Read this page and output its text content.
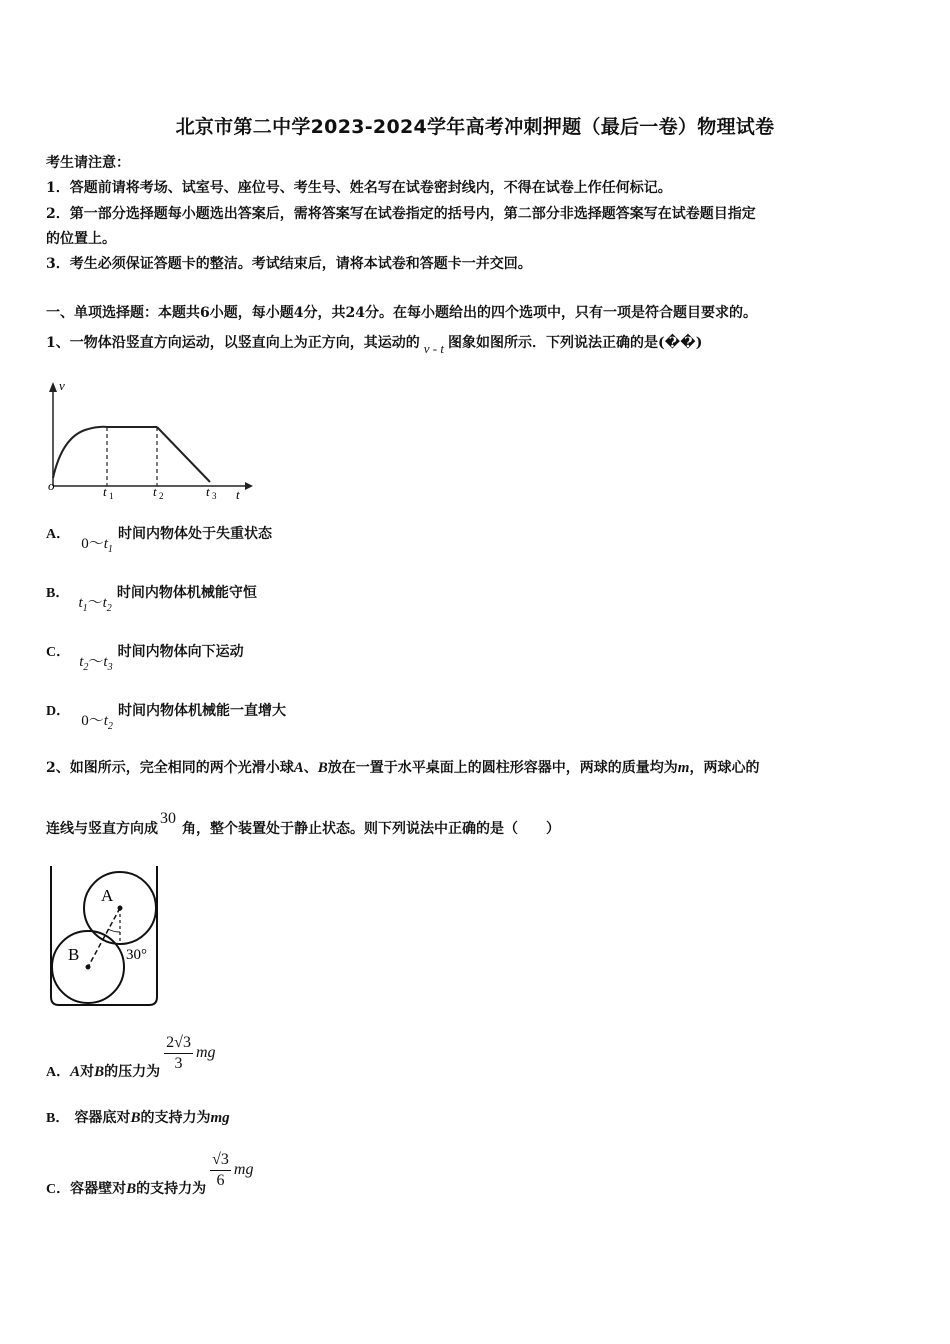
北京市第二中学2023-2024学年高考冲刺押题（最后一卷）物理试卷
考生请注意：
1．答题前请将考场、试室号、座位号、考生号、姓名写在试卷密封线内，不得在试卷上作任何标记。
2．第一部分选择题每小题选出答案后，需将答案写在试卷指定的括号内，第二部分非选择题答案写在试卷题目指定
的位置上。
3．考生必须保证答题卡的整洁。考试结束后，请将本试卷和答题卡一并交回。
一、单项选择题：本题共6小题，每小题4分，共24分。在每小题给出的四个选项中，只有一项是符合题目要求的。
1、一物体沿竖直方向运动，以竖直向上为正方向，其运动的 v - t 图象如图所示．下列说法正确的是(��)
v
o
t
t 1	t 2	t 3
A． $0\sim t_1$ 时间内物体处于失重状态
B． $t_1\sim t_2$ 时间内物体机械能守恒
C． $t_2\sim t_3$ 时间内物体向下运动
D． $0\sim t_2$ 时间内物体机械能一直增大
2、如图所示，完全相同的两个光滑小球A、B放在一置于水平桌面上的圆柱形容器中，两球的质量均为m，两球心的
连线与竖直方向成30角，整个装置处于静止状态。则下列说法中正确的是（　　）
A
B	30°
A． A对B的压力为 $\frac{2√3}{3}$ mg
B． 容器底对B的支持力为mg
C． 容器壁对B的支持力为 $\frac{√3}{6}$ mg
